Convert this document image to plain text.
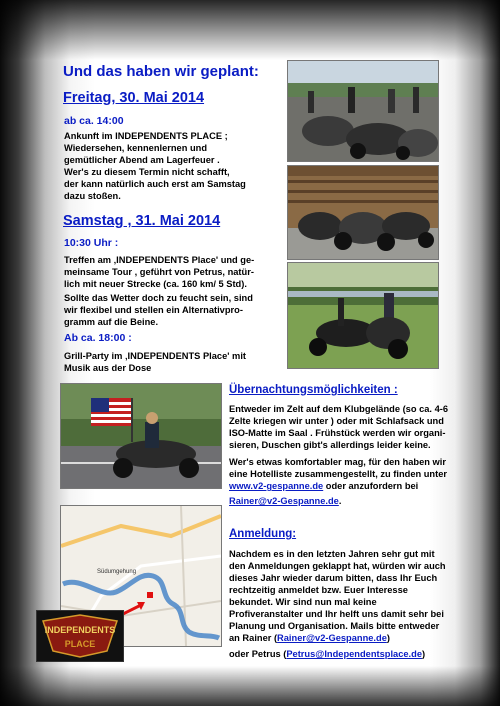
Und das haben wir geplant:
Freitag, 30. Mai 2014
ab ca. 14:00

Ankunft im INDEPENDENTS PLACE ;

Wiedersehen, kennenlernen und

gemütlicher Abend am Lagerfeuer .

Wer's zu diesem Termin nicht schafft,

der kann natürlich auch erst am Samstag

dazu stoßen.

Samstag , 31. Mai 2014
10:30 Uhr :

Treffen am ‚INDEPENDENTS Place' und ge-

meinsame Tour , geführt von Petrus, natür-

lich mit neuer Strecke (ca. 160 km/ 5 Std).

Sollte das Wetter doch zu feucht sein, sind

wir flexibel und stellen ein Alternativpro-

gramm auf die Beine.

Ab ca. 18:00 :

Grill-Party im ‚INDEPENDENTS Place' mit

Musik aus der Dose

Übernachtungsmöglichkeiten :

Entweder im Zelt auf dem Klubgelände (so ca. 4-6

Zelte kriegen wir unter ) oder mit Schlafsack und

ISO-Matte im Saal . Frühstück werden wir organi-

sieren, Duschen gibt's allerdings leider keine.

Wer's etwas komfortabler mag, für den haben wir

eine Hotelliste zusammengestellt, zu finden unter

www.v2-gespanne.de oder anzufordern bei

Rainer@v2-Gespanne.de.

Südumgehung
INDEPENDENTS
PLACE
Anmeldung:

Nachdem es in den letzten Jahren sehr gut mit

den Anmeldungen geklappt hat, würden wir auch

dieses Jahr wieder darum bitten, dass Ihr Euch

rechtzeitig anmeldet bzw. Euer Interesse

bekundet. Wir sind nun mal keine

Profiveranstalter und Ihr helft uns damit sehr bei

Planung und Organisation. Mails bitte entweder

an Rainer (Rainer@v2-Gespanne.de)

oder Petrus (Petrus@Independentsplace.de)
